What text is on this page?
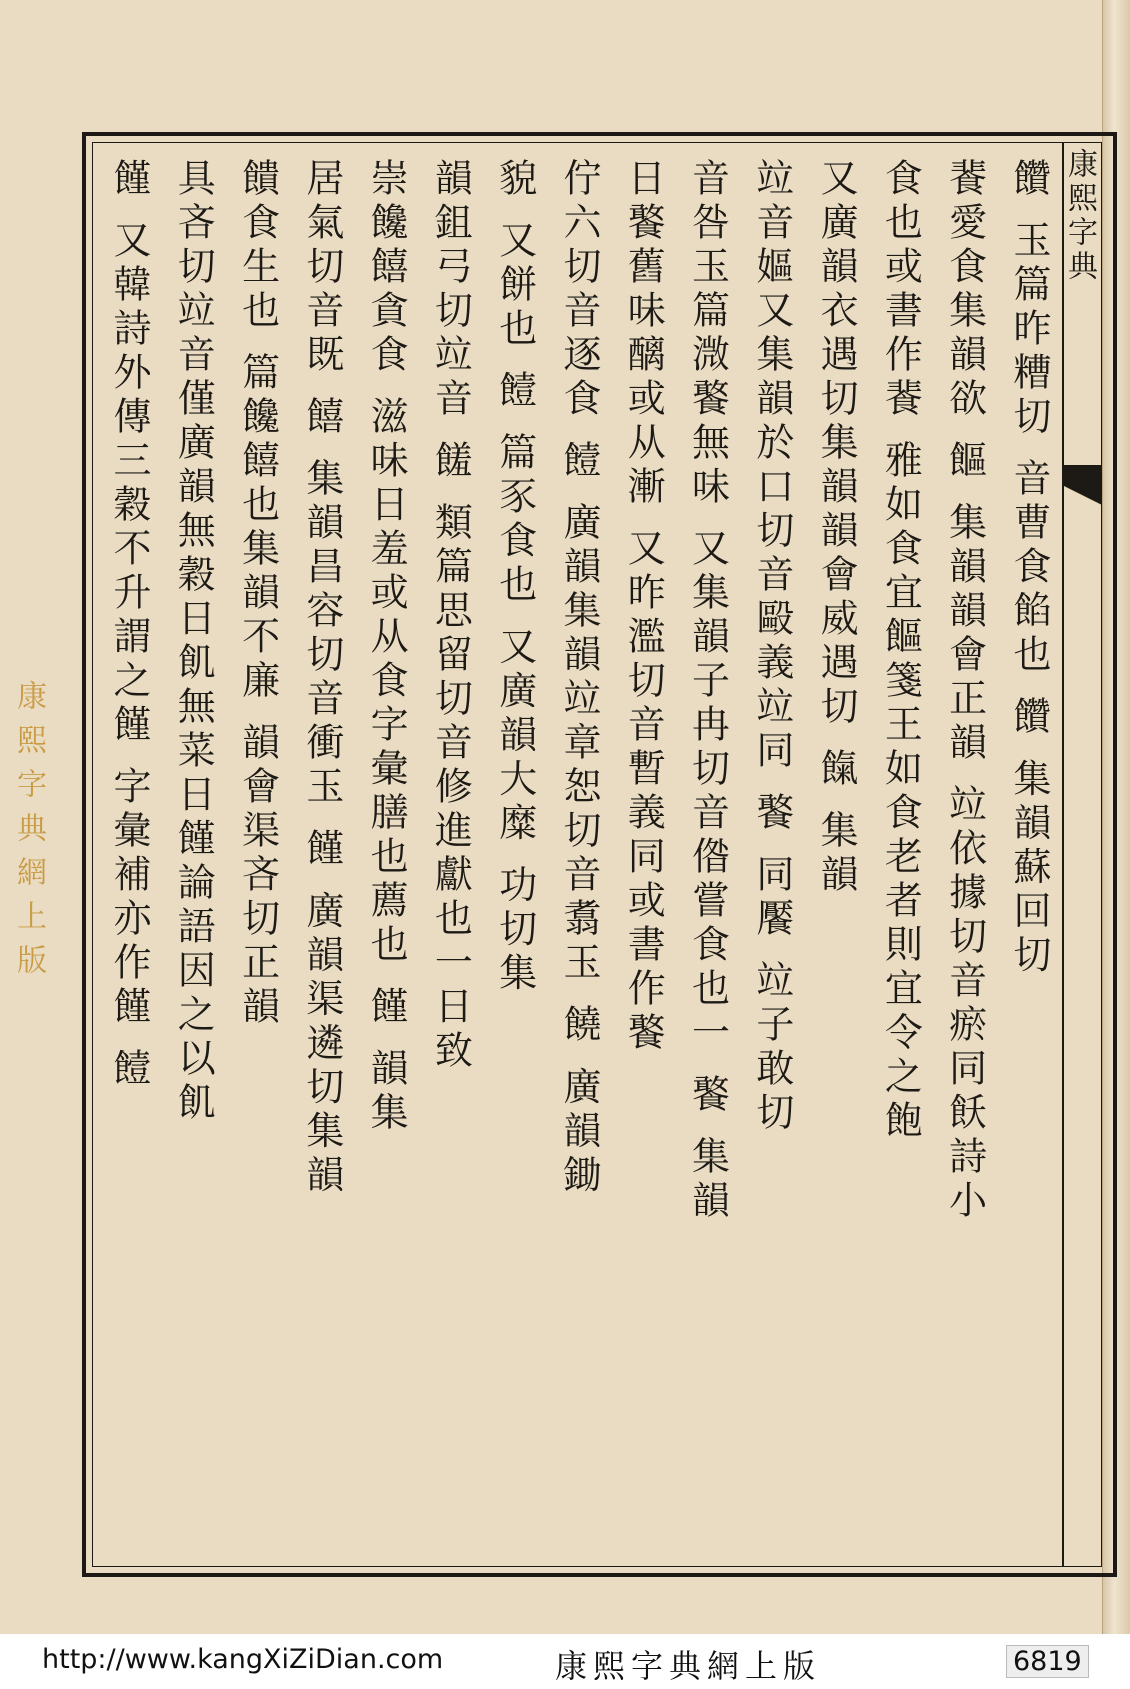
康熙字典
饡 玉篇昨糟切 音曹食餡也 饡 集韻蘇回切
餥愛食集韻欲 饇 集韻韻會正韻 竝依據切音瘀同飫詩小
食也或書作餥 雅如食宜饇箋王如食老者則宜令之飽
又廣韻衣遇切集韻韻會威遇切 餼 集韻
竝音嫗又集韻於口切音毆義竝同 饏 同饜 竝子敢切
音咎玉篇溦饏無味 又集韻子冉切音偺嘗食也一 饏 集韻
日饏舊味醨或从漸 又昨濫切音暫義同或書作饏
佇六切音逐食 饐 廣韻集韻竝章恕切音翥玉 饒 廣韻鋤
貌 又餅也 饐 篇豕食也 又廣韻大糜 功切集
韻鉏弓切竝音 饈 類篇思留切音修進獻也一日致
崇饞饎貪食 滋味日羞或从食字彙膳也薦也 饉 韻集
居氣切音既 饎 集韻昌容切音衝玉 饉 廣韻渠遴切集韻
饋食生也 篇饞饎也集韻不廉 韻會渠吝切正韻
具吝切竝音僅廣韻無穀日飢無菜日饉論語因之以飢
饉 又韓詩外傳三穀不升謂之饉 字彙補亦作饉 饐
康熙字典網上版
http://www.kangXiZiDian.com	康熙字典網上版	6819
